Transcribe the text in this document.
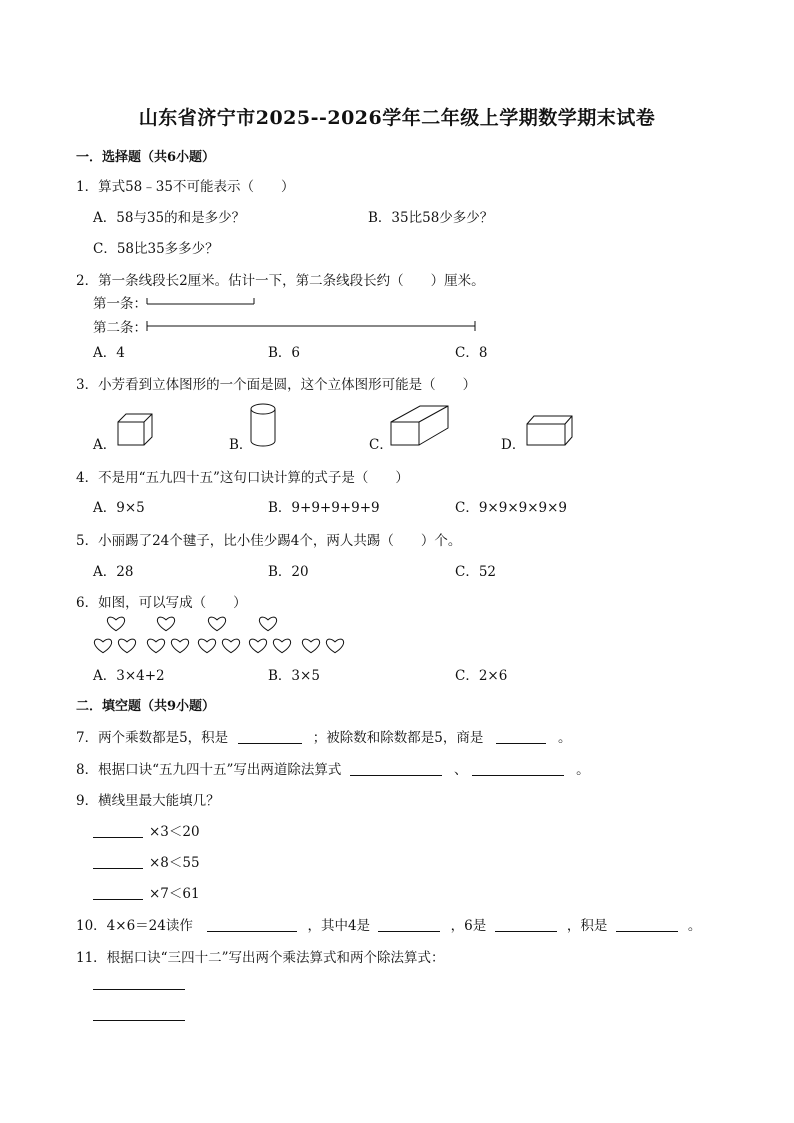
山东省济宁市2025--2026学年二年级上学期数学期末试卷
一．选择题（共6小题）
1．算式58﹣35不可能表示（　　）
A．58与35的和是多少？	B．35比58少多少？
C．58比35多多少？
2．第一条线段长2厘米。估计一下，第二条线段长约（　　）厘米。
第一条：
第二条：
A．4	B．6	C．8
3．小芳看到立体图形的一个面是圆，这个立体图形可能是（　　）
A．	B．	C．	D．
4．不是用“五九四十五”这句口诀计算的式子是（　　）
A．9×5	B．9+9+9+9+9	C．9×9×9×9×9
5．小丽踢了24个毽子，比小佳少踢4个，两人共踢（　　）个。
A．28	B．20	C．52
6．如图，可以写成（　　）
A．3×4+2	B．3×5	C．2×6
二．填空题（共9小题）
7．两个乘数都是5，积是	；被除数和除数都是5，商是	。
8．根据口诀“五九四十五”写出两道除法算式	、	。
9．横线里最大能填几？
×3＜20
×8＜55
×7＜61
10．4×6＝24读作	，其中4是	，6是	，积是	。
11．根据口诀“三四十二”写出两个乘法算式和两个除法算式：
